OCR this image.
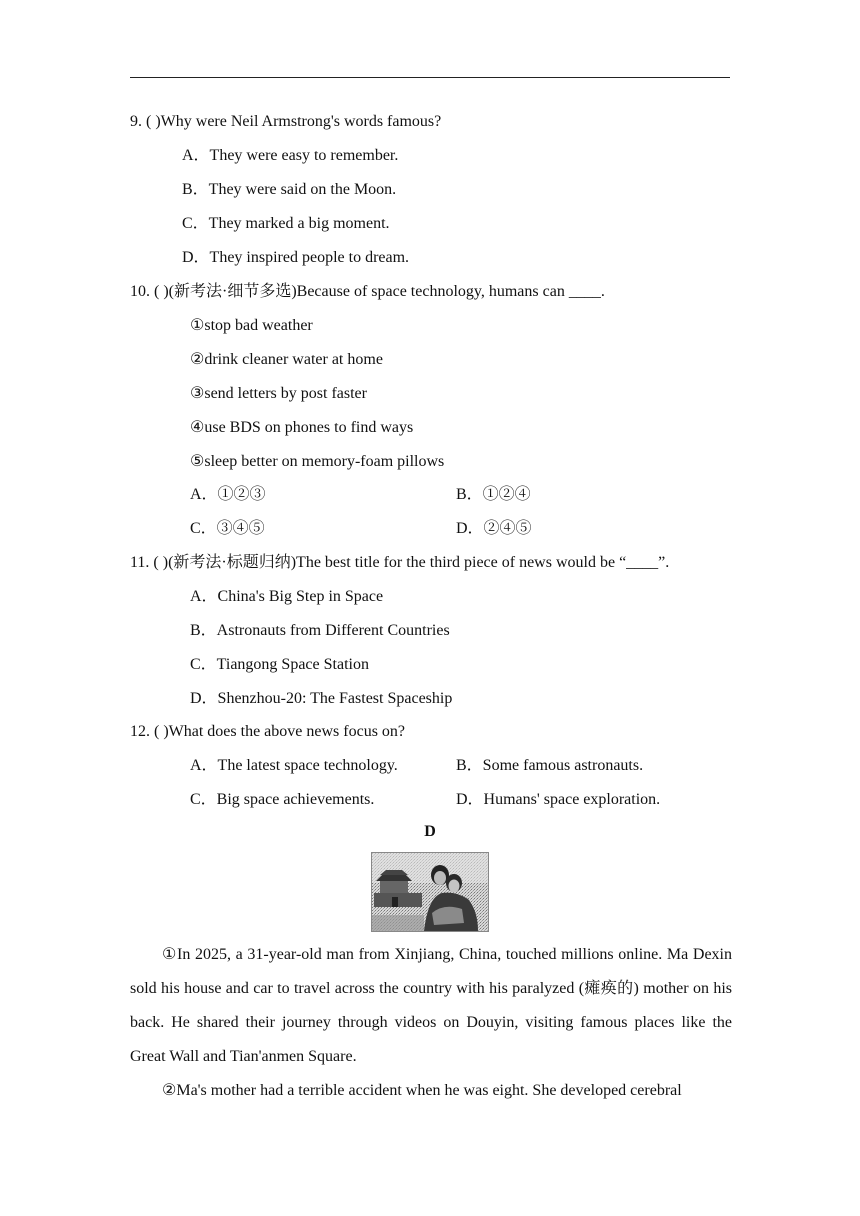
9. ( )Why were Neil Armstrong's words famous?
A．They were easy to remember.
B．They were said on the Moon.
C．They marked a big moment.
D．They inspired people to dream.
10. ( )(新考法·细节多选)Because of space technology, humans can ____.
①stop bad weather
②drink cleaner water at home
③send letters by post faster
④use BDS on phones to find ways
⑤sleep better on memory-foam pillows
A．①②③	B．①②④
C．③④⑤	D．②④⑤
11. ( )(新考法·标题归纳)The best title for the third piece of news would be “____”.
A．China's Big Step in Space
B．Astronauts from Different Countries
C．Tiangong Space Station
D．Shenzhou-20: The Fastest Spaceship
12. ( )What does the above news focus on?
A．The latest space technology.	B．Some famous astronauts.
C．Big space achievements.	D．Humans' space exploration.
D

①In 2025, a 31-year-old man from Xinjiang, China, touched millions online. Ma Dexin sold his house and car to travel across the country with his paralyzed (瘫痪的) mother on his back. He shared their journey through videos on Douyin, visiting famous places like the Great Wall and Tian'anmen Square.

②Ma's mother had a terrible accident when he was eight. She developed cerebral
